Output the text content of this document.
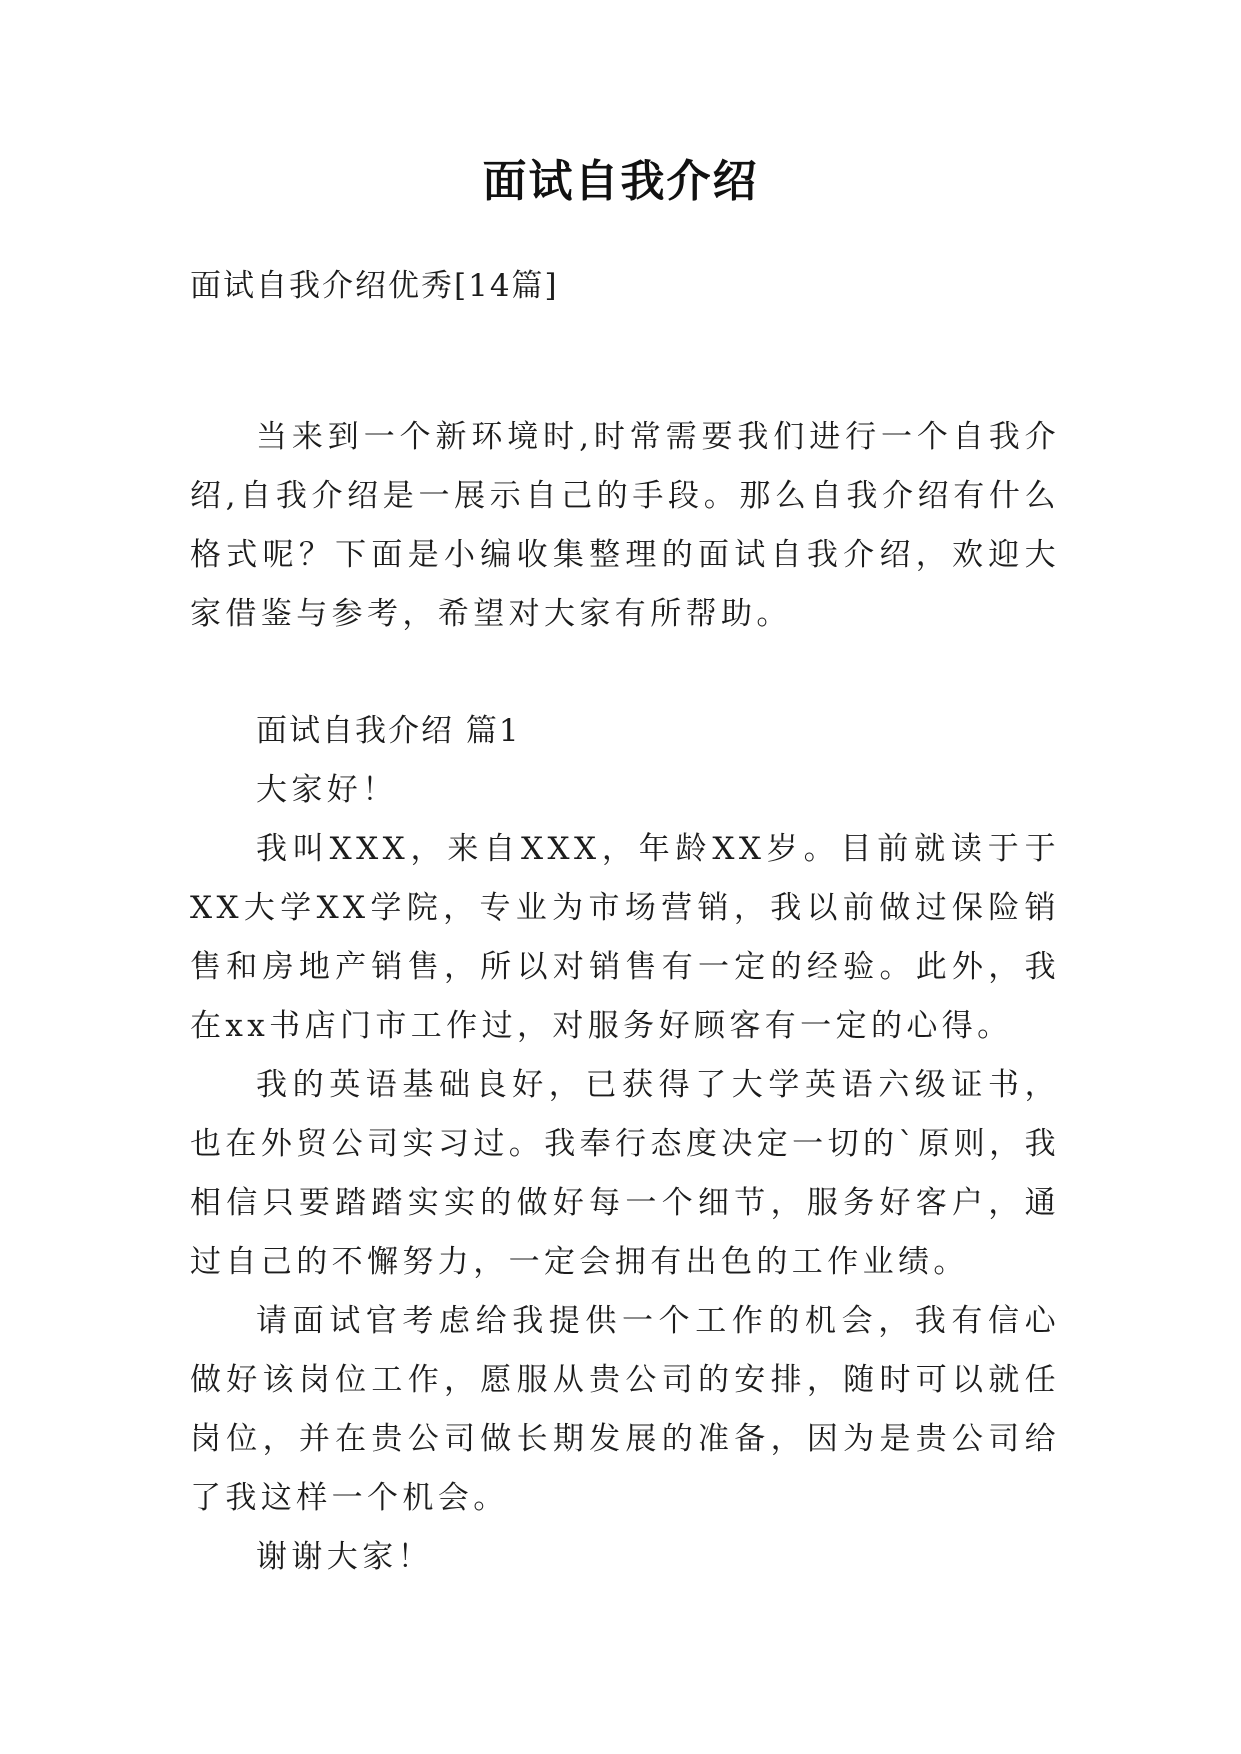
面试自我介绍

面试自我介绍优秀[14篇]

当来到一个新环境时,时常需要我们进行一个自我介绍,自我介绍是一展示自己的手段。那么自我介绍有什么格式呢？下面是小编收集整理的面试自我介绍，欢迎大家借鉴与参考，希望对大家有所帮助。

面试自我介绍 篇1

大家好！

我叫XXX，来自XXX，年龄XX岁。目前就读于于XX大学XX学院，专业为市场营销，我以前做过保险销售和房地产销售，所以对销售有一定的经验。此外，我在xx书店门市工作过，对服务好顾客有一定的心得。

我的英语基础良好，已获得了大学英语六级证书，也在外贸公司实习过。我奉行态度决定一切的`原则，我相信只要踏踏实实的做好每一个细节，服务好客户，通过自己的不懈努力，一定会拥有出色的工作业绩。

请面试官考虑给我提供一个工作的机会，我有信心做好该岗位工作，愿服从贵公司的安排，随时可以就任岗位，并在贵公司做长期发展的准备，因为是贵公司给了我这样一个机会。

谢谢大家！
